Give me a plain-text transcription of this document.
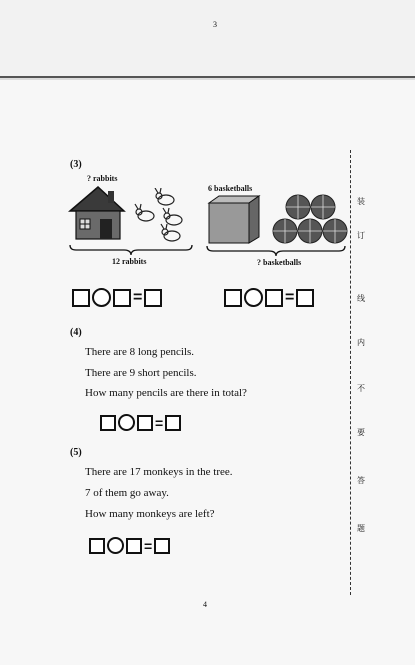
3
(3)
? rabbits
6 basketballs
12 rabbits	? basketballs
=	=
(4)
There are 8 long pencils.
There are 9 short pencils.
How many pencils are there in total?
=
(5)
There are 17 monkeys in the tree.
7 of them go away.
How many monkeys are left?
=
4
装
订
线
内
不
要
答
题
